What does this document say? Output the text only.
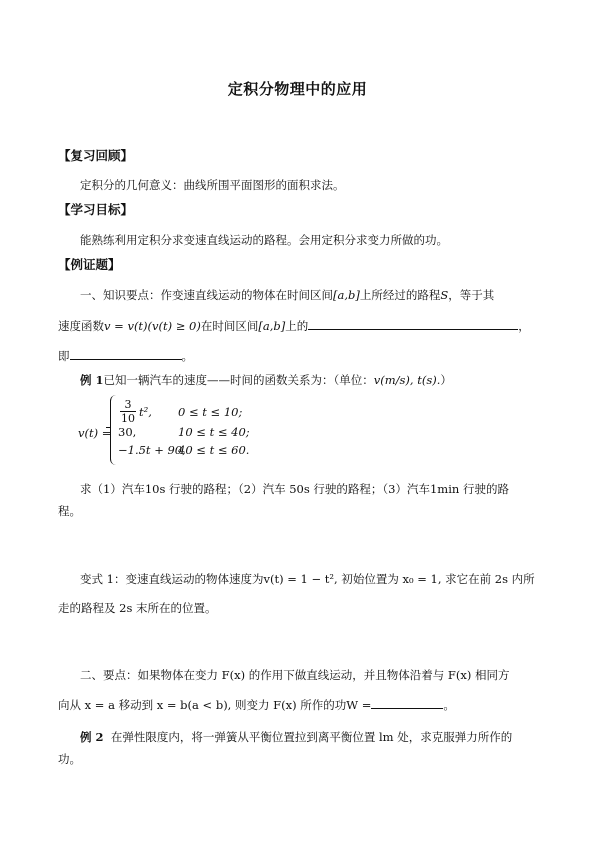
定积分物理中的应用
【复习回顾】
定积分的几何意义：曲线所围平面图形的面积求法。
【学习目标】
能熟练利用定积分求变速直线运动的路程。会用定积分求变力所做的功。
【例证题】
一、知识要点：作变速直线运动的物体在时间区间[a,b]上所经过的路程S，等于其
速度函数v = v(t)(v(t) ≥ 0)在时间区间[a,b]上的	，
即	。
例 1已知一辆汽车的速度——时间的函数关系为：（单位：v(m/s), t(s).）
v(t) =
$\frac{3}{10} t^2$, 0 ≤ t ≤ 10;
30,	10 ≤ t ≤ 40;
−1.5t + 90,
40 ≤ t ≤ 60.
求（1）汽车10s 行驶的路程；（2）汽车 50s 行驶的路程；（3）汽车1min 行驶的路
程。
变式 1：变速直线运动的物体速度为v(t) = 1 − t², 初始位置为 x₀ = 1, 求它在前 2s 内所
走的路程及 2s 末所在的位置。
二、要点：如果物体在变力 F(x) 的作用下做直线运动，并且物体沿着与 F(x) 相同方
向从 x = a 移动到 x = b(a < b), 则变力 F(x) 所作的功W =	。
例 2 在弹性限度内，将一弹簧从平衡位置拉到离平衡位置 lm 处，求克服弹力所作的
功。
